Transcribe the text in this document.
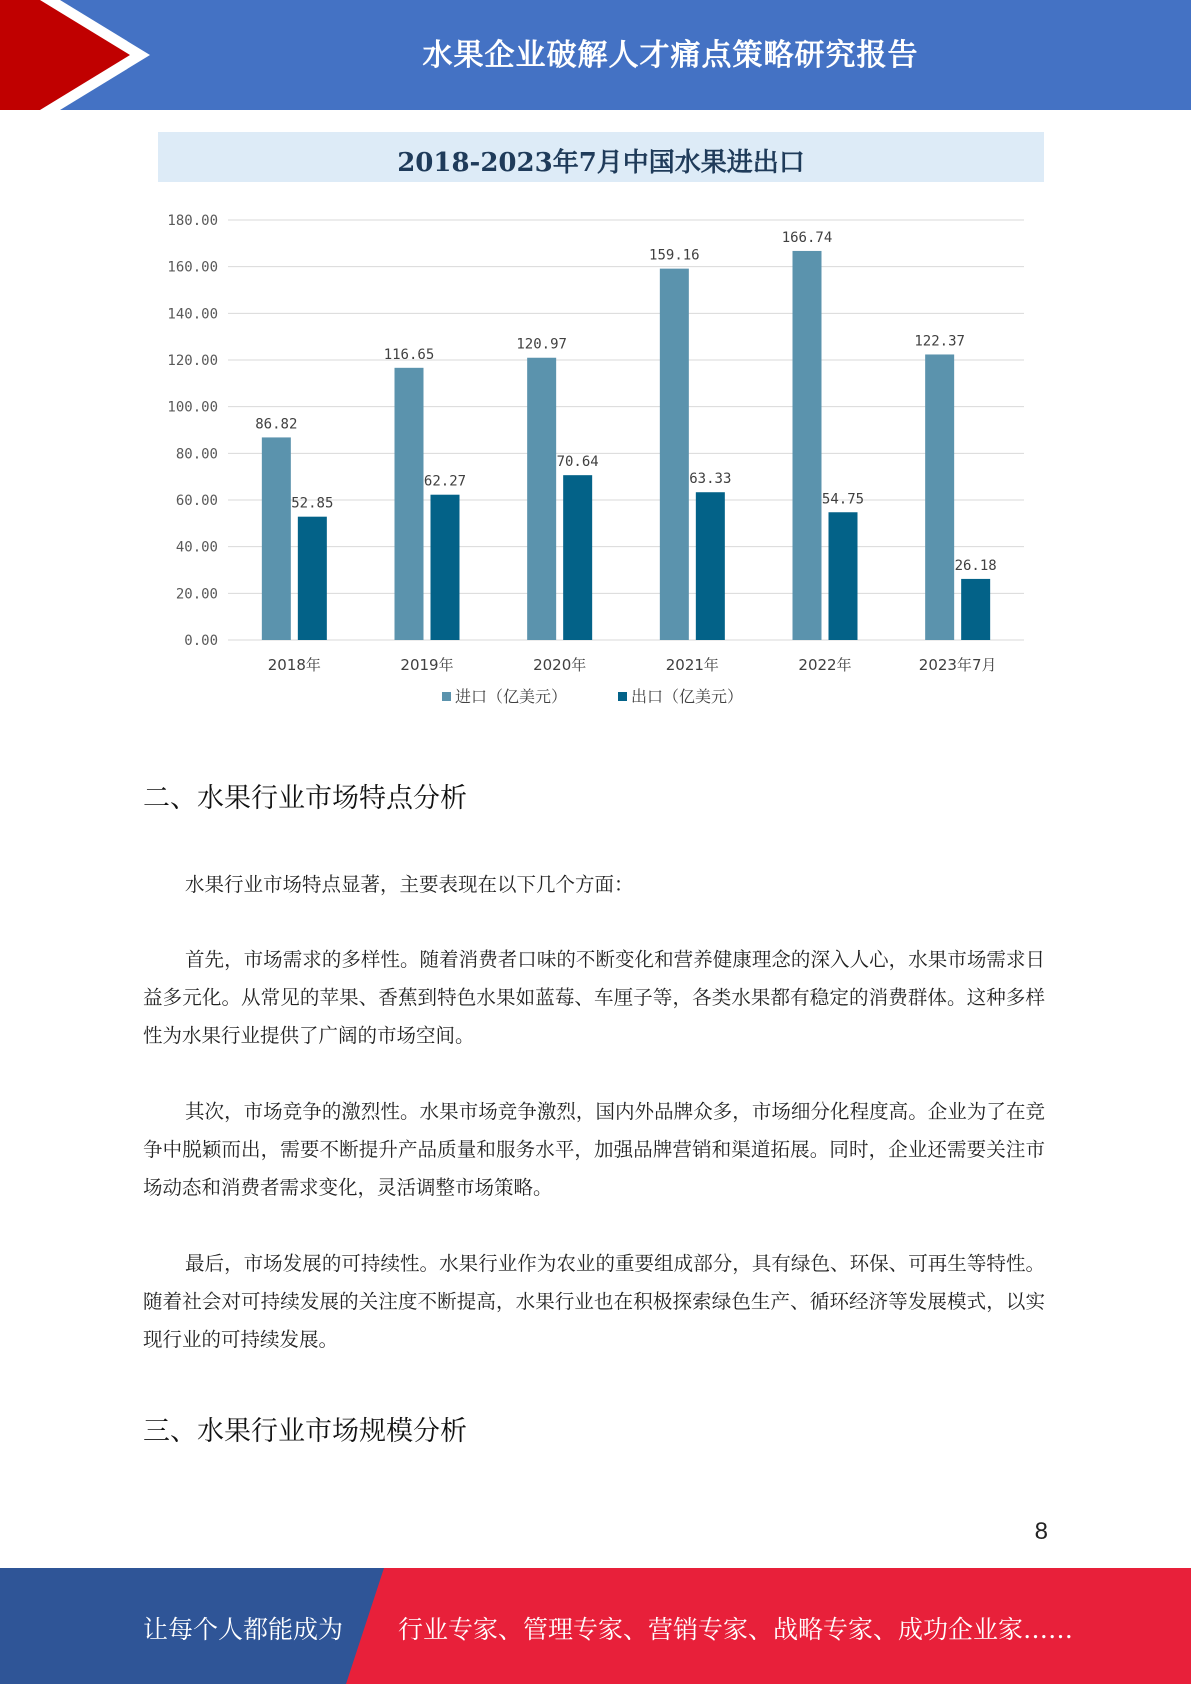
水果企业破解人才痛点策略研究报告
2018-2023年7月中国水果进出口
0.00
20.00
40.00
60.00
80.00
100.00
120.00
140.00
160.00
180.00
86.82
52.85
2018年
116.65
62.27
2019年
120.97
70.64
2020年
159.16
63.33
2021年
166.74
54.75
2022年
122.37
26.18
2023年7月
进口（亿美元）	出口（亿美元）
二、水果行业市场特点分析
水果行业市场特点显著，主要表现在以下几个方面：
首先，市场需求的多样性。随着消费者口味的不断变化和营养健康理念的深入人心，水果市场需求日益多元化。从常见的苹果、香蕉到特色水果如蓝莓、车厘子等，各类水果都有稳定的消费群体。这种多样性为水果行业提供了广阔的市场空间。
其次，市场竞争的激烈性。水果市场竞争激烈，国内外品牌众多，市场细分化程度高。企业为了在竞争中脱颖而出，需要不断提升产品质量和服务水平，加强品牌营销和渠道拓展。同时，企业还需要关注市场动态和消费者需求变化，灵活调整市场策略。
最后，市场发展的可持续性。水果行业作为农业的重要组成部分，具有绿色、环保、可再生等特性。随着社会对可持续发展的关注度不断提高，水果行业也在积极探索绿色生产、循环经济等发展模式，以实现行业的可持续发展。
三、水果行业市场规模分析
8
让每个人都能成为 行业专家、管理专家、营销专家、战略专家、成功企业家……
